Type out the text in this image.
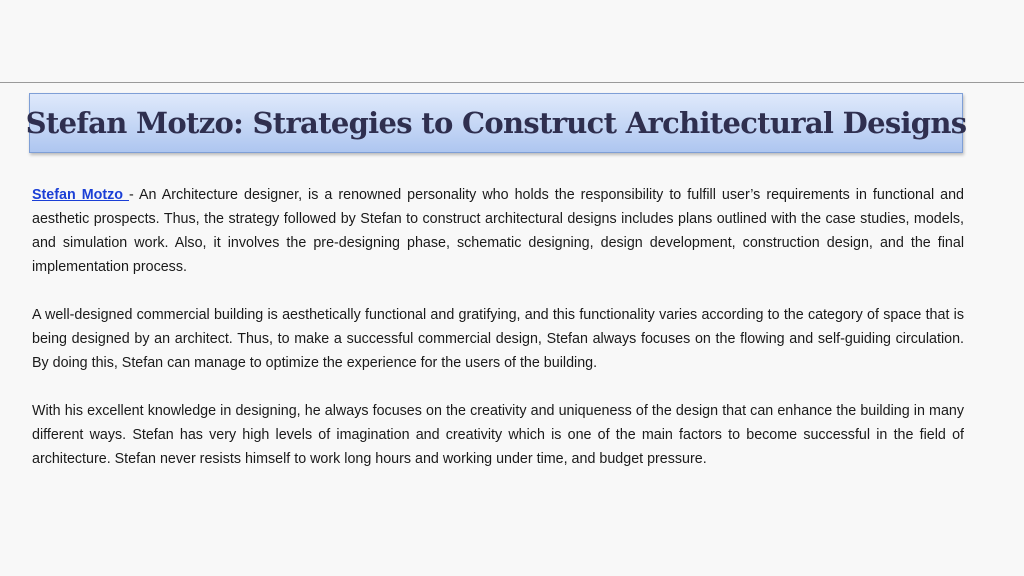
Stefan Motzo: Strategies to Construct Architectural Designs

Stefan Motzo - An Architecture designer, is a renowned personality who holds the responsibility to fulfill user’s requirements in functional and aesthetic prospects. Thus, the strategy followed by Stefan to construct architectural designs includes plans outlined with the case studies, models, and simulation work. Also, it involves the pre-designing phase, schematic designing, design development, construction design, and the final implementation process.

A well-designed commercial building is aesthetically functional and gratifying, and this functionality varies according to the category of space that is being designed by an architect. Thus, to make a successful commercial design, Stefan always focuses on the flowing and self-guiding circulation. By doing this, Stefan can manage to optimize the experience for the users of the building.

With his excellent knowledge in designing, he always focuses on the creativity and uniqueness of the design that can enhance the building in many different ways. Stefan has very high levels of imagination and creativity which is one of the main factors to become successful in the field of architecture. Stefan never resists himself to work long hours and working under time, and budget pressure.
